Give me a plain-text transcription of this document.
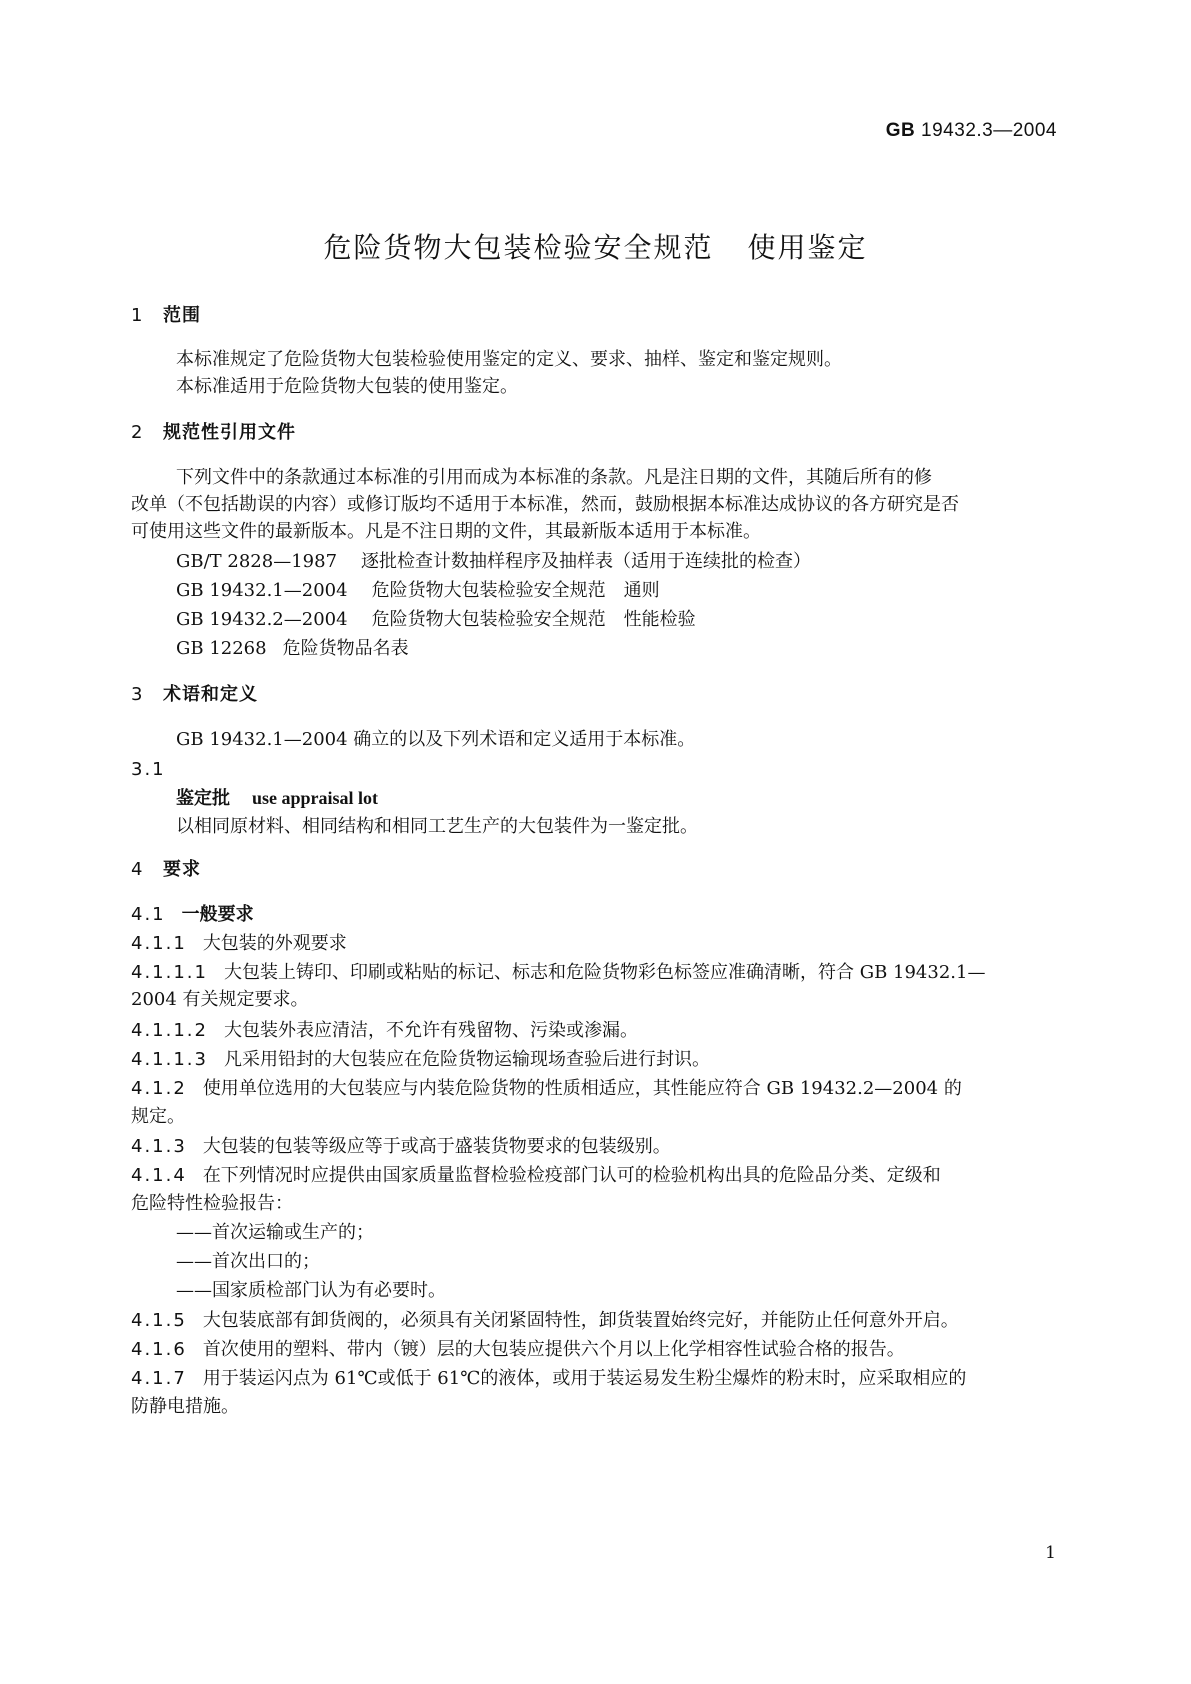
GB 19432.3—2004
危险货物大包装检验安全规范 使用鉴定
1 范围
本标准规定了危险货物大包装检验使用鉴定的定义、要求、抽样、鉴定和鉴定规则。
本标准适用于危险货物大包装的使用鉴定。
2 规范性引用文件
下列文件中的条款通过本标准的引用而成为本标准的条款。凡是注日期的文件，其随后所有的修
改单（不包括勘误的内容）或修订版均不适用于本标准，然而，鼓励根据本标准达成协议的各方研究是否
可使用这些文件的最新版本。凡是不注日期的文件，其最新版本适用于本标准。
GB/T 2828—1987 逐批检查计数抽样程序及抽样表（适用于连续批的检查）
GB 19432.1—2004 危险货物大包装检验安全规范　通则
GB 19432.2—2004 危险货物大包装检验安全规范　性能检验
GB 12268 危险货物品名表
3 术语和定义
GB 19432.1—2004 确立的以及下列术语和定义适用于本标准。
3.1
鉴定批 use appraisal lot
以相同原材料、相同结构和相同工艺生产的大包装件为一鉴定批。
4 要求
4.1 一般要求
4.1.1 大包装的外观要求
4.1.1.1 大包装上铸印、印刷或粘贴的标记、标志和危险货物彩色标签应准确清晰，符合 GB 19432.1—
2004 有关规定要求。
4.1.1.2 大包装外表应清洁，不允许有残留物、污染或渗漏。
4.1.1.3 凡采用铅封的大包装应在危险货物运输现场查验后进行封识。
4.1.2 使用单位选用的大包装应与内装危险货物的性质相适应，其性能应符合 GB 19432.2—2004 的
规定。
4.1.3 大包装的包装等级应等于或高于盛装货物要求的包装级别。
4.1.4 在下列情况时应提供由国家质量监督检验检疫部门认可的检验机构出具的危险品分类、定级和
危险特性检验报告：
——首次运输或生产的；
——首次出口的；
——国家质检部门认为有必要时。
4.1.5 大包装底部有卸货阀的，必须具有关闭紧固特性，卸货装置始终完好，并能防止任何意外开启。
4.1.6 首次使用的塑料、带内（镀）层的大包装应提供六个月以上化学相容性试验合格的报告。
4.1.7 用于装运闪点为 61℃或低于 61℃的液体，或用于装运易发生粉尘爆炸的粉末时，应采取相应的
防静电措施。
1
